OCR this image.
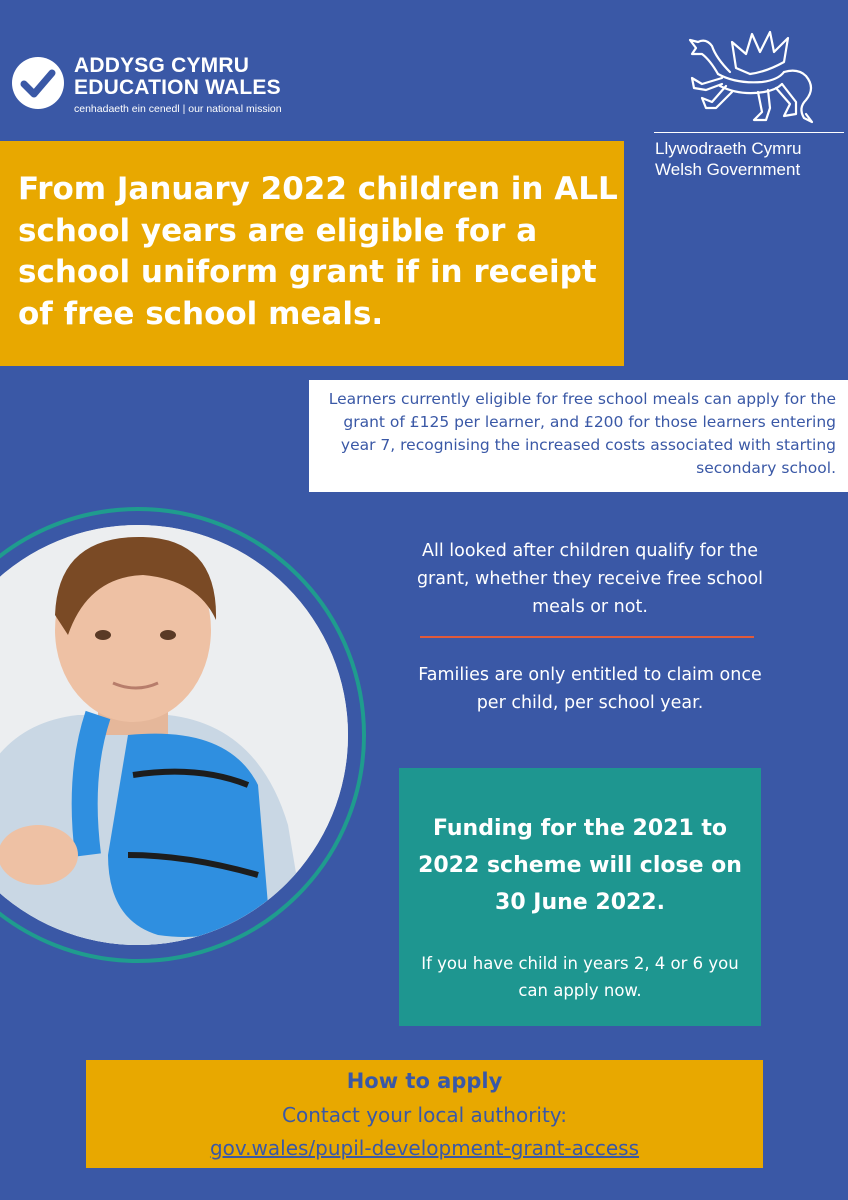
ADDYSG CYMRU
EDUCATION WALES
cenhadaeth ein cenedl | our national mission
Llywodraeth Cymru
Welsh Government

From January 2022 children in ALL school years are eligible for a school uniform grant if in receipt of free school meals.

Learners currently eligible for free school meals can apply for the grant of £125 per learner, and £200 for those learners entering year 7, recognising the increased costs associated with starting secondary school.

All looked after children qualify for the grant, whether they receive free school meals or not.

Families are only entitled to claim once per child, per school year.

Funding for the 2021 to 2022 scheme will close on 30 June 2022.

If you have child in years 2, 4 or 6 you can apply now.

How to apply

Contact your local authority:

gov.wales/pupil-development-grant-access
